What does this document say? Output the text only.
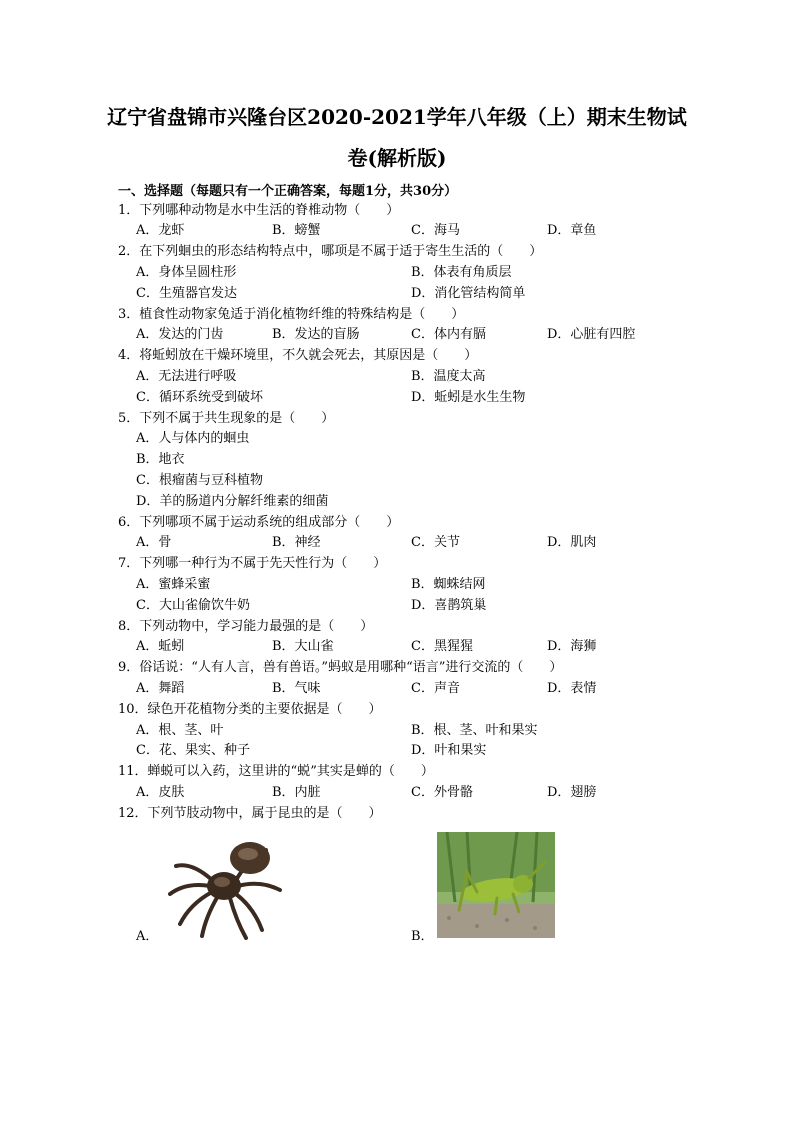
辽宁省盘锦市兴隆台区2020-2021学年八年级（上）期末生物试
卷(解析版)
一、选择题（每题只有一个正确答案，每题1分，共30分）
1．下列哪种动物是水中生活的脊椎动物（　　）
A．龙虾	B．螃蟹	C．海马	D．章鱼
2．在下列蛔虫的形态结构特点中，哪项是不属于适于寄生生活的（　　）
A．身体呈圆柱形	B．体表有角质层
C．生殖器官发达	D．消化管结构简单
3．植食性动物家兔适于消化植物纤维的特殊结构是（　　）
A．发达的门齿	B．发达的盲肠	C．体内有膈	D．心脏有四腔
4．将蚯蚓放在干燥环境里，不久就会死去，其原因是（　　）
A．无法进行呼吸	B．温度太高
C．循环系统受到破坏	D．蚯蚓是水生生物
5．下列不属于共生现象的是（　　）
A．人与体内的蛔虫
B．地衣
C．根瘤菌与豆科植物
D．羊的肠道内分解纤维素的细菌
6．下列哪项不属于运动系统的组成部分（　　）
A．骨	B．神经	C．关节	D．肌肉
7．下列哪一种行为不属于先天性行为（　　）
A．蜜蜂采蜜	B．蜘蛛结网
C．大山雀偷饮牛奶	D．喜鹊筑巢
8．下列动物中，学习能力最强的是（　　）
A．蚯蚓	B．大山雀	C．黑猩猩	D．海狮
9．俗话说：“人有人言，兽有兽语。”蚂蚁是用哪种“语言”进行交流的（　　）
A．舞蹈	B．气味	C．声音	D．表情
10．绿色开花植物分类的主要依据是（　　）
A．根、茎、叶	B．根、茎、叶和果实
C．花、果实、种子	D．叶和果实
11．蝉蜕可以入药，这里讲的“蜕”其实是蝉的（　　）
A．皮肤	B．内脏	C．外骨骼	D．翅膀
12．下列节肢动物中，属于昆虫的是（　　）
A．	B．
